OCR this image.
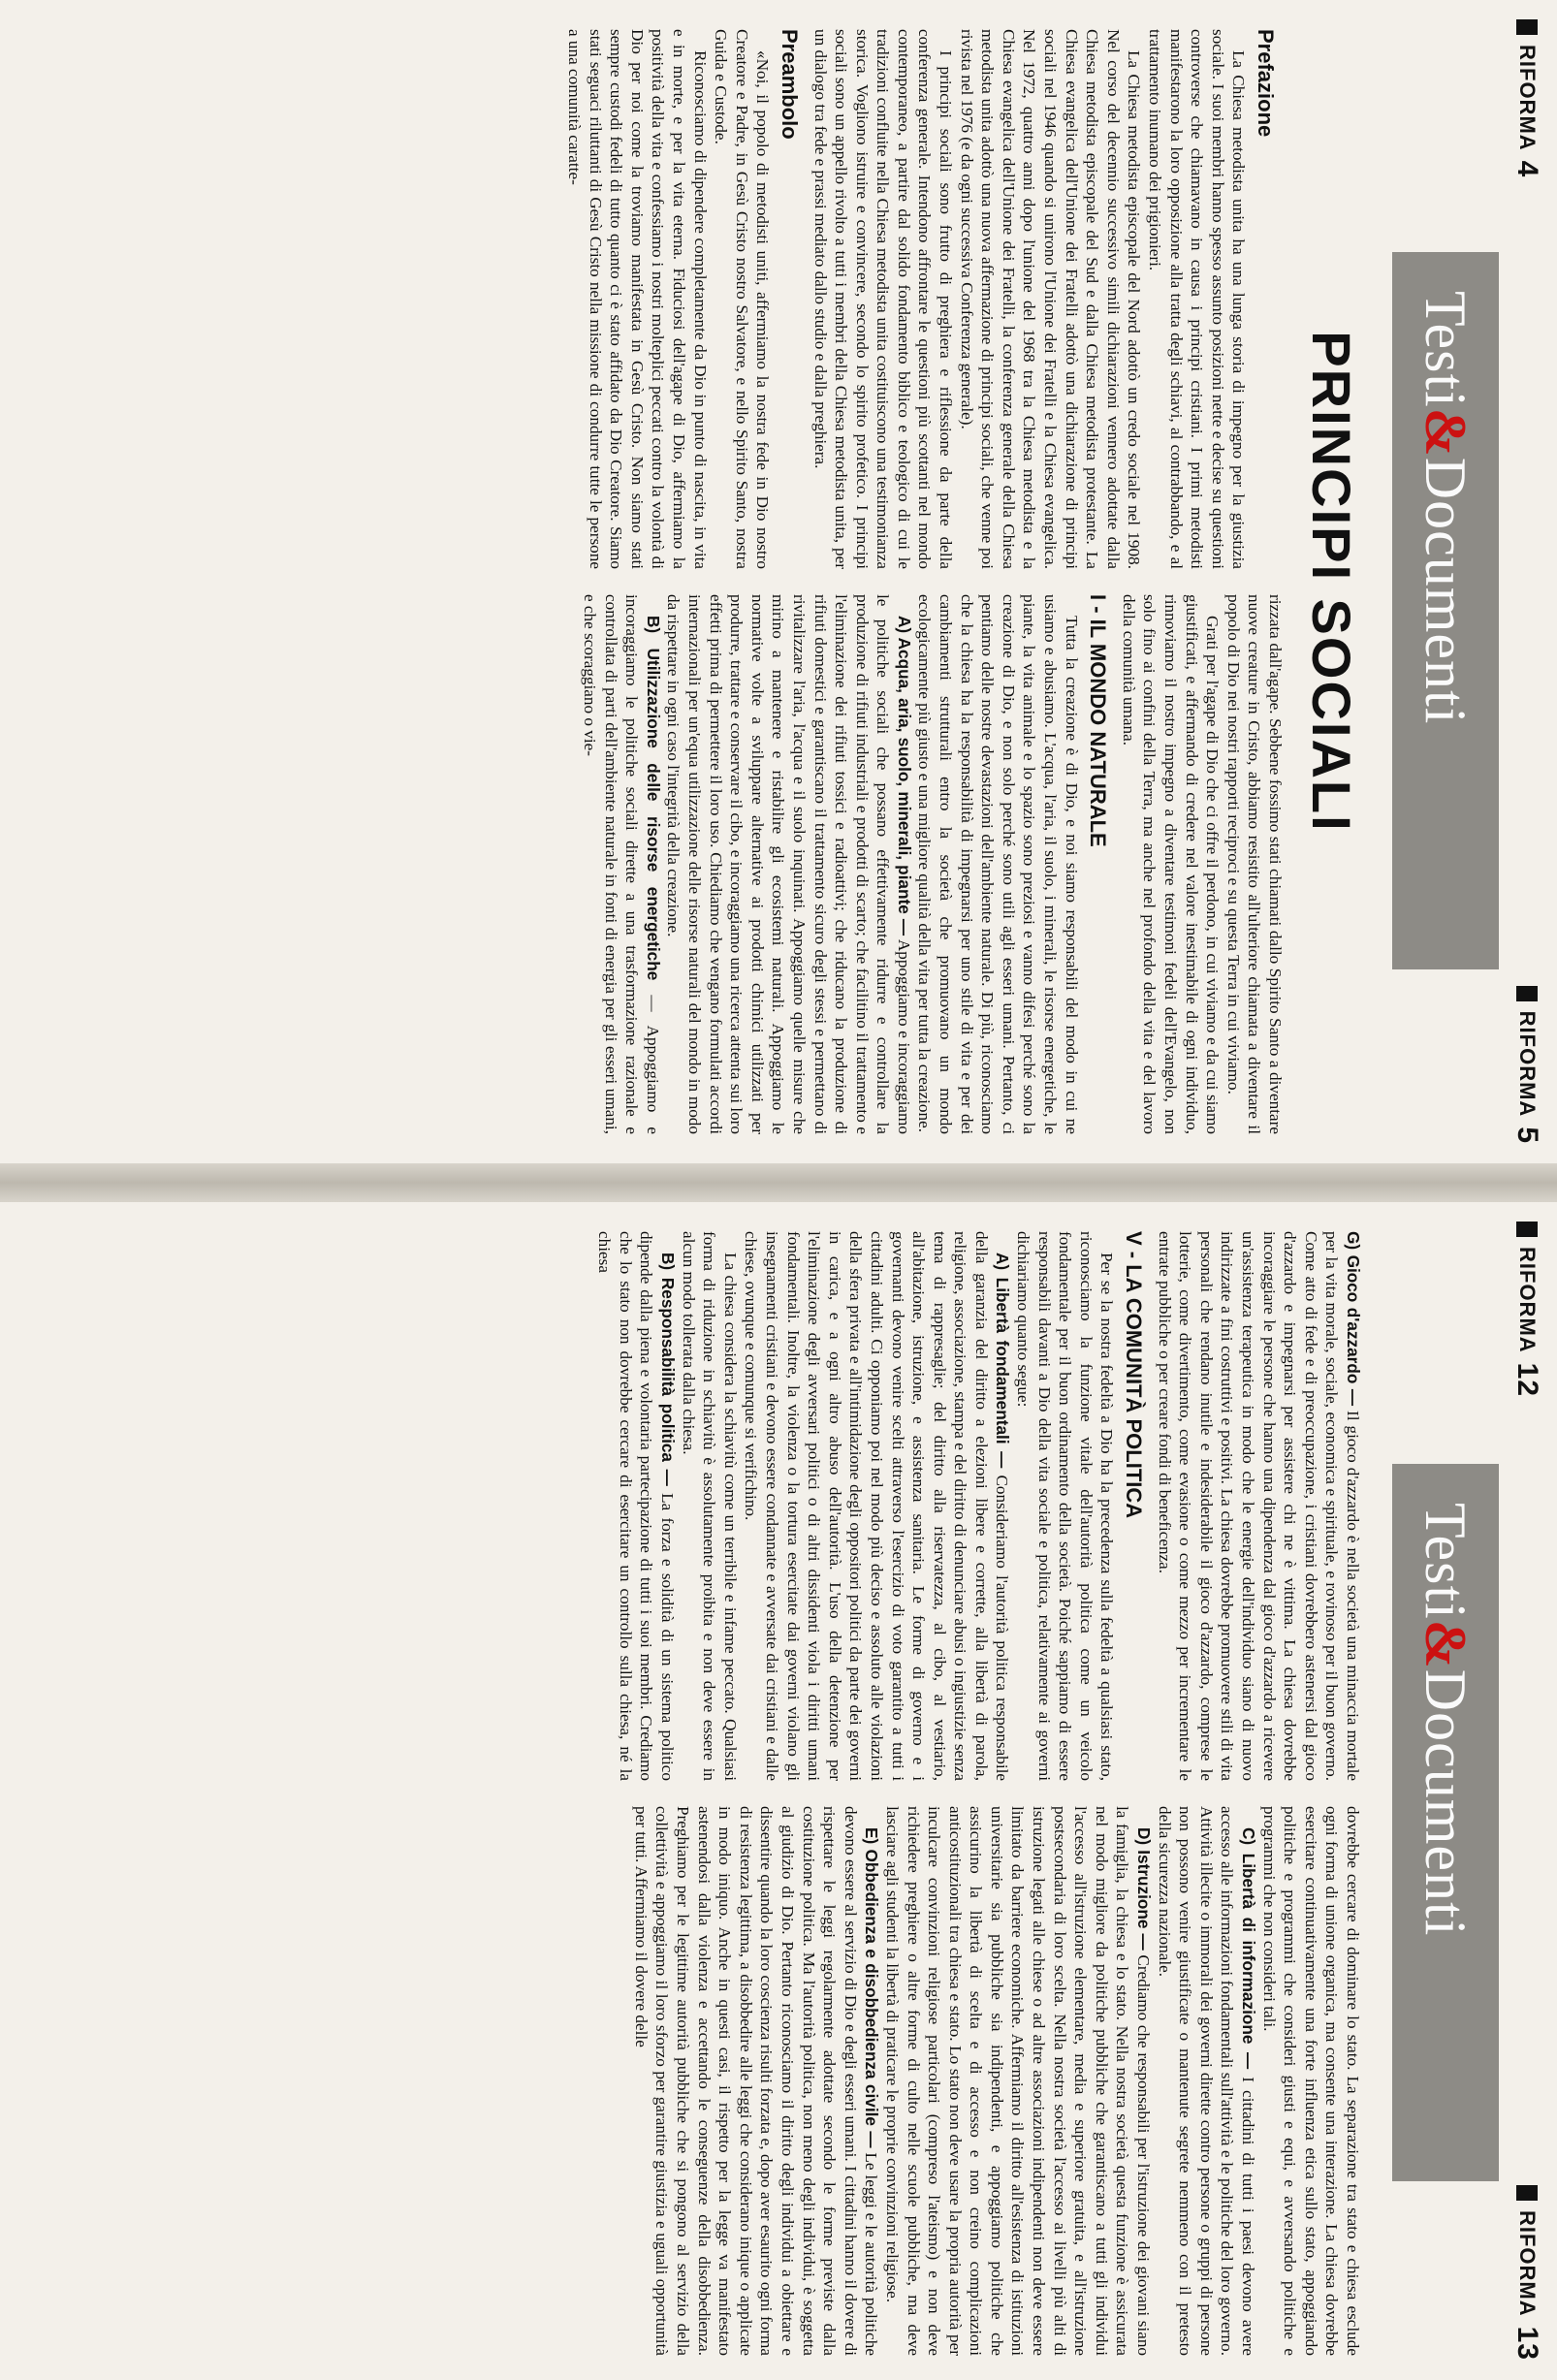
RIFORMA
4
RIFORMA
5
Testi
&
Documenti
PRINCIPI SOCIALI
Prefazione

La Chiesa metodista unita ha una lunga storia di impegno per la giustizia sociale. I suoi membri hanno spesso assunto posizioni nette e decise su questioni controverse che chiamavano in causa i principi cristiani. I primi metodisti manifestarono la loro opposizione alla tratta degli schiavi, al contrabbando, e al trattamento inumano dei prigionieri.

La Chiesa metodista episcopale del Nord adottò un credo sociale nel 1908. Nel corso del decennio successivo simili dichiarazioni vennero adottate dalla Chiesa metodista episcopale del Sud e dalla Chiesa metodista protestante. La Chiesa evangelica dell'Unione dei Fratelli adottò una dichiarazione di principi sociali nel 1946 quando si unirono l'Unione dei Fratelli e la Chiesa evangelica. Nel 1972, quattro anni dopo l'unione del 1968 tra la Chiesa metodista e la Chiesa evangelica dell'Unione dei Fratelli, la conferenza generale della Chiesa metodista unita adottò una nuova affermazione di principi sociali, che venne poi rivista nel 1976 (e da ogni successiva Conferenza generale).

I principi sociali sono frutto di preghiera e riflessione da parte della conferenza generale. Intendono affrontare le questioni più scottanti nel mondo contemporaneo, a partire dal solido fondamento biblico e teologico di cui le tradizioni confluite nella Chiesa metodista unita costituiscono una testimonianza storica. Vogliono istruire e convincere, secondo lo spirito profetico. I principi sociali sono un appello rivolto a tutti i membri della Chiesa metodista unita, per un dialogo tra fede e prassi mediato dallo studio e dalla preghiera.

Preambolo

«Noi, il popolo di metodisti uniti, affermiamo la nostra fede in Dio nostro Creatore e Padre, in Gesù Cristo nostro Salvatore, e nello Spirito Santo, nostra Guida e Custode.

Riconosciamo di dipendere completamente da Dio in punto di nascita, in vita e in morte, e per la vita eterna. Fiduciosi dell'agape di Dio, affermiamo la positività della vita e confessiamo i nostri molteplici peccati contro la volontà di Dio per noi come la troviamo manifestata in Gesù Cristo. Non siamo stati sempre custodi fedeli di tutto quanto ci è stato affidato da Dio Creatore. Siamo stati seguaci riluttanti di Gesù Cristo nella missione di condurre tutte le persone a una comunità caratte-

rizzata dall'agape. Sebbene fossimo stati chiamati dallo Spirito Santo a diventare nuove creature in Cristo, abbiamo resistito all'ulteriore chiamata a diventare il popolo di Dio nei nostri rapporti reciproci e su questa Terra in cui viviamo.

Grati per l'agape di Dio che ci offre il perdono, in cui viviamo e da cui siamo giustificati, e affermando di credere nel valore inestimabile di ogni individuo, rinnoviamo il nostro impegno a diventare testimoni fedeli dell'Evangelo, non solo fino ai confini della Terra, ma anche nel profondo della vita e del lavoro della comunità umana.

I - IL MONDO NATURALE

Tutta la creazione è di Dio, e noi siamo responsabili del modo in cui ne usiamo e abusiamo. L'acqua, l'aria, il suolo, i minerali, le risorse energetiche, le piante, la vita animale e lo spazio sono preziosi e vanno difesi perché sono la creazione di Dio, e non solo perché sono utili agli esseri umani. Pertanto, ci pentiamo delle nostre devastazioni dell'ambiente naturale. Di più, riconosciamo che la chiesa ha la responsabilità di impegnarsi per uno stile di vita e per dei cambiamenti strutturali entro la società che promuovano un mondo ecologicamente più giusto e una migliore qualità della vita per tutta la creazione.

A) Acqua, aria, suolo, minerali, piante — Appoggiamo e incoraggiamo le politiche sociali che possano effettivamente ridurre e controllare la produzione di rifiuti industriali e prodotti di scarto; che facilitino il trattamento e l'eliminazione dei rifiuti tossici e radioattivi; che riducano la produzione di rifiuti domestici e garantiscano il trattamento sicuro degli stessi e permettano di rivitalizzare l'aria, l'acqua e il suolo inquinati. Appoggiamo quelle misure che mirino a mantenere e ristabilire gli ecosistemi naturali. Appoggiamo le normative volte a sviluppare alternative ai prodotti chimici utilizzati per produrre, trattare e conservare il cibo, e incoraggiamo una ricerca attenta sui loro effetti prima di permettere il loro uso. Chiediamo che vengano formulati accordi internazionali per un'equa utilizzazione delle risorse naturali del mondo in modo da rispettare in ogni caso l'integrità della creazione.

B) Utilizzazione delle risorse energetiche — Appoggiamo e incoraggiamo le politiche sociali dirette a una trasformazione razionale e controllata di parti dell'ambiente naturale in fonti di energia per gli esseri umani, e che scoraggiano o vie-

RIFORMA
12
RIFORMA
13
Testi
&
Documenti

G) Gioco d'azzardo — Il gioco d'azzardo è nella società una minaccia mortale per la vita morale, sociale, economica e spirituale, e rovinoso per il buon governo. Come atto di fede e di preoccupazione, i cristiani dovrebbero astenersi dal gioco d'azzardo e impegnarsi per assistere chi ne è vittima. La chiesa dovrebbe incoraggiare le persone che hanno una dipendenza dal gioco d'azzardo a ricevere un'assistenza terapeutica in modo che le energie dell'individuo siano di nuovo indirizzate a fini costruttivi e positivi. La chiesa dovrebbe promuovere stili di vita personali che rendano inutile e indesiderabile il gioco d'azzardo, comprese le lotterie, come divertimento, come evasione o come mezzo per incrementare le entrate pubbliche o per creare fondi di beneficenza.

V - LA COMUNITÀ POLITICA

Per se la nostra fedeltà a Dio ha la precedenza sulla fedeltà a qualsiasi stato, riconosciamo la funzione vitale dell'autorità politica come un veicolo fondamentale per il buon ordinamento della società. Poiché sappiamo di essere responsabili davanti a Dio della vita sociale e politica, relativamente ai governi dichiariamo quanto segue:

A) Libertà fondamentali — Consideriamo l'autorità politica responsabile della garanzia del diritto a elezioni libere e corrette, alla libertà di parola, religione, associazione, stampa e del diritto di denunciare abusi o ingiustizie senza tema di rappresaglie; del diritto alla riservatezza, al cibo, al vestiario, all'abitazione, istruzione, e assistenza sanitaria. Le forme di governo e i governanti devono venire scelti attraverso l'esercizio di voto garantito a tutti i cittadini adulti. Ci opponiamo poi nel modo più deciso e assoluto alle violazioni della sfera privata e all'intimidazione degli oppositori politici da parte dei governi in carica, e a ogni altro abuso dell'autorità. L'uso della detenzione per l'eliminazione degli avversari politici o di altri dissidenti viola i diritti umani fondamentali. Inoltre, la violenza o la tortura esercitate dai governi violano gli insegnamenti cristiani e devono essere condannate e avversate dai cristiani e dalle chiese, ovunque e comunque si verifichino.

La chiesa considera la schiavitù come un terribile e infame peccato. Qualsiasi forma di riduzione in schiavitù è assolutamente proibita e non deve essere in alcun modo tollerata dalla chiesa.

B) Responsabilità politica — La forza e solidità di un sistema politico dipende dalla piena e volontaria partecipazione di tutti i suoi membri. Crediamo che lo stato non dovrebbe cercare di esercitare un controllo sulla chiesa, né la chiesa

dovrebbe cercare di dominare lo stato. La separazione tra stato e chiesa esclude ogni forma di unione organica, ma consente una interazione. La chiesa dovrebbe esercitare continuativamente una forte influenza etica sullo stato, appoggiando politiche e programmi che consideri giusti e equi, e avversando politiche e programmi che non consideri tali.

C) Libertà di informazione — I cittadini di tutti i paesi devono avere accesso alle informazioni fondamentali sull'attività e le politiche del loro governo. Attività illecite o immorali dei governi dirette contro persone o gruppi di persone non possono venire giustificate o mantenute segrete nemmeno con il pretesto della sicurezza nazionale.

D) Istruzione — Crediamo che responsabili per l'istruzione dei giovani siano la famiglia, la chiesa e lo stato. Nella nostra società questa funzione è assicurata nel modo migliore da politiche pubbliche che garantiscano a tutti gli individui l'accesso all'istruzione elementare, media e superiore gratuita, e all'istruzione postsecondaria di loro scelta. Nella nostra società l'accesso ai livelli più alti di istruzione legati alle chiese o ad altre associazioni indipendenti non deve essere limitato da barriere economiche. Affermiamo il diritto all'esistenza di istituzioni universitarie sia pubbliche sia indipendenti, e appoggiamo politiche che assicurino la libertà di scelta e di accesso e non creino complicazioni anticostituzionali tra chiesa e stato. Lo stato non deve usare la propria autorità per inculcare convinzioni religiose particolari (compreso l'ateismo) e non deve richiedere preghiere o altre forme di culto nelle scuole pubbliche, ma deve lasciare agli studenti la libertà di praticare le proprie convinzioni religiose.

E) Obbedienza e disobbedienza civile — Le leggi e le autorità politiche devono essere al servizio di Dio e degli esseri umani. I cittadini hanno il dovere di rispettare le leggi regolarmente adottate secondo le forme previste dalla costituzione politica. Ma l'autorità politica, non meno degli individui, è soggetta al giudizio di Dio. Pertanto riconosciamo il diritto degli individui a obiettare e dissentire quando la loro coscienza risulti forzata e, dopo aver esaurito ogni forma di resistenza legittima, a disobbedire alle leggi che considerano inique o applicate in modo iniquo. Anche in questi casi, il rispetto per la legge va manifestato astenendosi dalla violenza e accettando le conseguenze della disobbedienza. Preghiamo per le legittime autorità pubbliche che si pongono al servizio della collettività e appoggiamo il loro sforzo per garantire giustizia e uguali opportunità per tutti. Affermiamo il dovere delle
